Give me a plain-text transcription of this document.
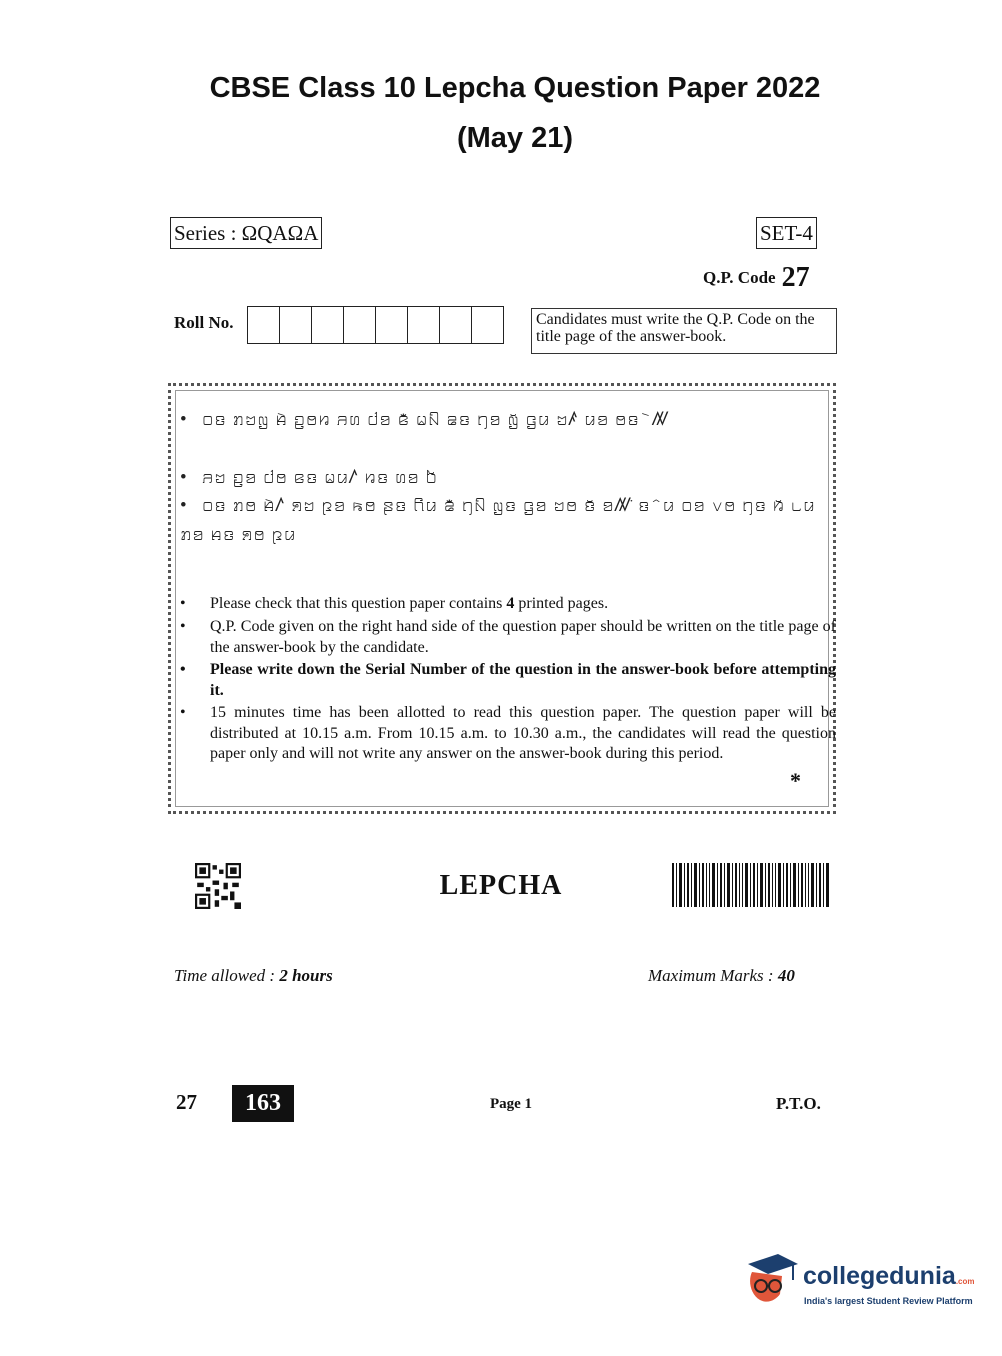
CBSE Class 10 Lepcha Question Paper 2022
(May 21)
Series : ΩQAΩA	SET-4
Q.P. Code 27
Roll No.	Candidates must write the Q.P. Code on the title page of the answer-book.
• ꤀ꤢ ꤊꤠꤜ ꤌꤧ ꤑꤥꤙ ꤏꤛ ꤓꤤ ꤕꤪ ꤗꤡ ꤘꤢ ꤚꤤ ꤜꤩ ꤞꤣ ꤠꤰ ꤣꤤ ꤥꤢ ꤧꤲ
• ꤏꤠ ꤑꤤ ꤓꤥ ꤕꤢ ꤗꤣꤱ ꤙꤢ ꤛꤤ ꤝꤩ
• ꤀ꤢ ꤊꤥ ꤌꤧꤱ ꤎꤠ ꤐꤤ ꤒꤥ ꤔꤢ ꤖꤣ ꤘꤪ ꤚꤡ ꤜꤢ ꤞꤤ ꤠꤥ ꤢꤩ ꤤꤲ ꤦꤢ ꤨꤣ ꤀ꤤ ꤂ꤥ ꤄ꤢ ꤆ꤩ ꤈ꤣ ꤊꤤ ꤌꤢ ꤎꤥ ꤐꤣ
• Please check that this question paper contains 4 printed pages.
• Q.P. Code given on the right hand side of the question paper should be written on the title page of the answer-book by the candidate.
• Please write down the Serial Number of the question in the answer-book before attempting it.
• 15 minutes time has been allotted to read this question paper. The question paper will be distributed at 10.15 a.m. From 10.15 a.m. to 10.30 a.m., the candidates will read the question paper only and will not write any answer on the answer-book during this period.
*
LEPCHA
Time allowed : 2 hours	Maximum Marks : 40
27	163	Page 1	P.T.O.
collegedunia.com
India's largest Student Review Platform
